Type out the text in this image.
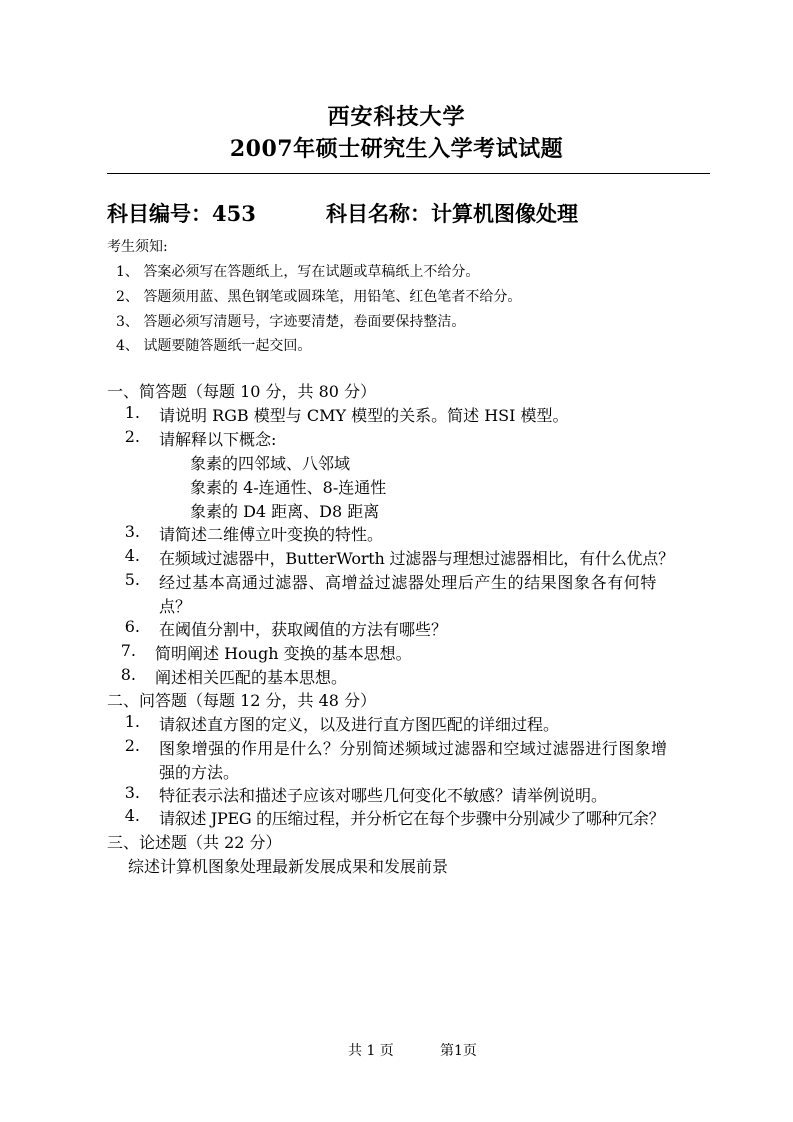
西安科技大学
2007年硕士研究生入学考试试题
科目编号：453	科目名称：计算机图像处理
考生须知:
1、 答案必须写在答题纸上，写在试题或草稿纸上不给分。
2、 答题须用蓝、黑色钢笔或圆珠笔，用铅笔、红色笔者不给分。
3、 答题必须写清题号，字迹要清楚，卷面要保持整洁。
4、 试题要随答题纸一起交回。
一、简答题（每题 10 分，共 80 分）
1. 请说明 RGB 模型与 CMY 模型的关系。简述 HSI 模型。
2. 请解释以下概念:
象素的四邻域、八邻域
象素的 4-连通性、8-连通性
象素的 D4 距离、D8 距离
3. 请简述二维傅立叶变换的特性。
4. 在频域过滤器中，ButterWorth 过滤器与理想过滤器相比，有什么优点？
5. 经过基本高通过滤器、高增益过滤器处理后产生的结果图象各有何特
点？
6. 在阈值分割中，获取阈值的方法有哪些？
7. 简明阐述 Hough 变换的基本思想。
8. 阐述相关匹配的基本思想。
二、问答题（每题 12 分，共 48 分）
1. 请叙述直方图的定义，以及进行直方图匹配的详细过程。
2. 图象增强的作用是什么？分别简述频域过滤器和空域过滤器进行图象增
强的方法。
3. 特征表示法和描述子应该对哪些几何变化不敏感？请举例说明。
4. 请叙述 JPEG 的压缩过程，并分析它在每个步骤中分别减少了哪种冗余？
三、论述题（共 22 分）
综述计算机图象处理最新发展成果和发展前景
共 1 页	第1页
